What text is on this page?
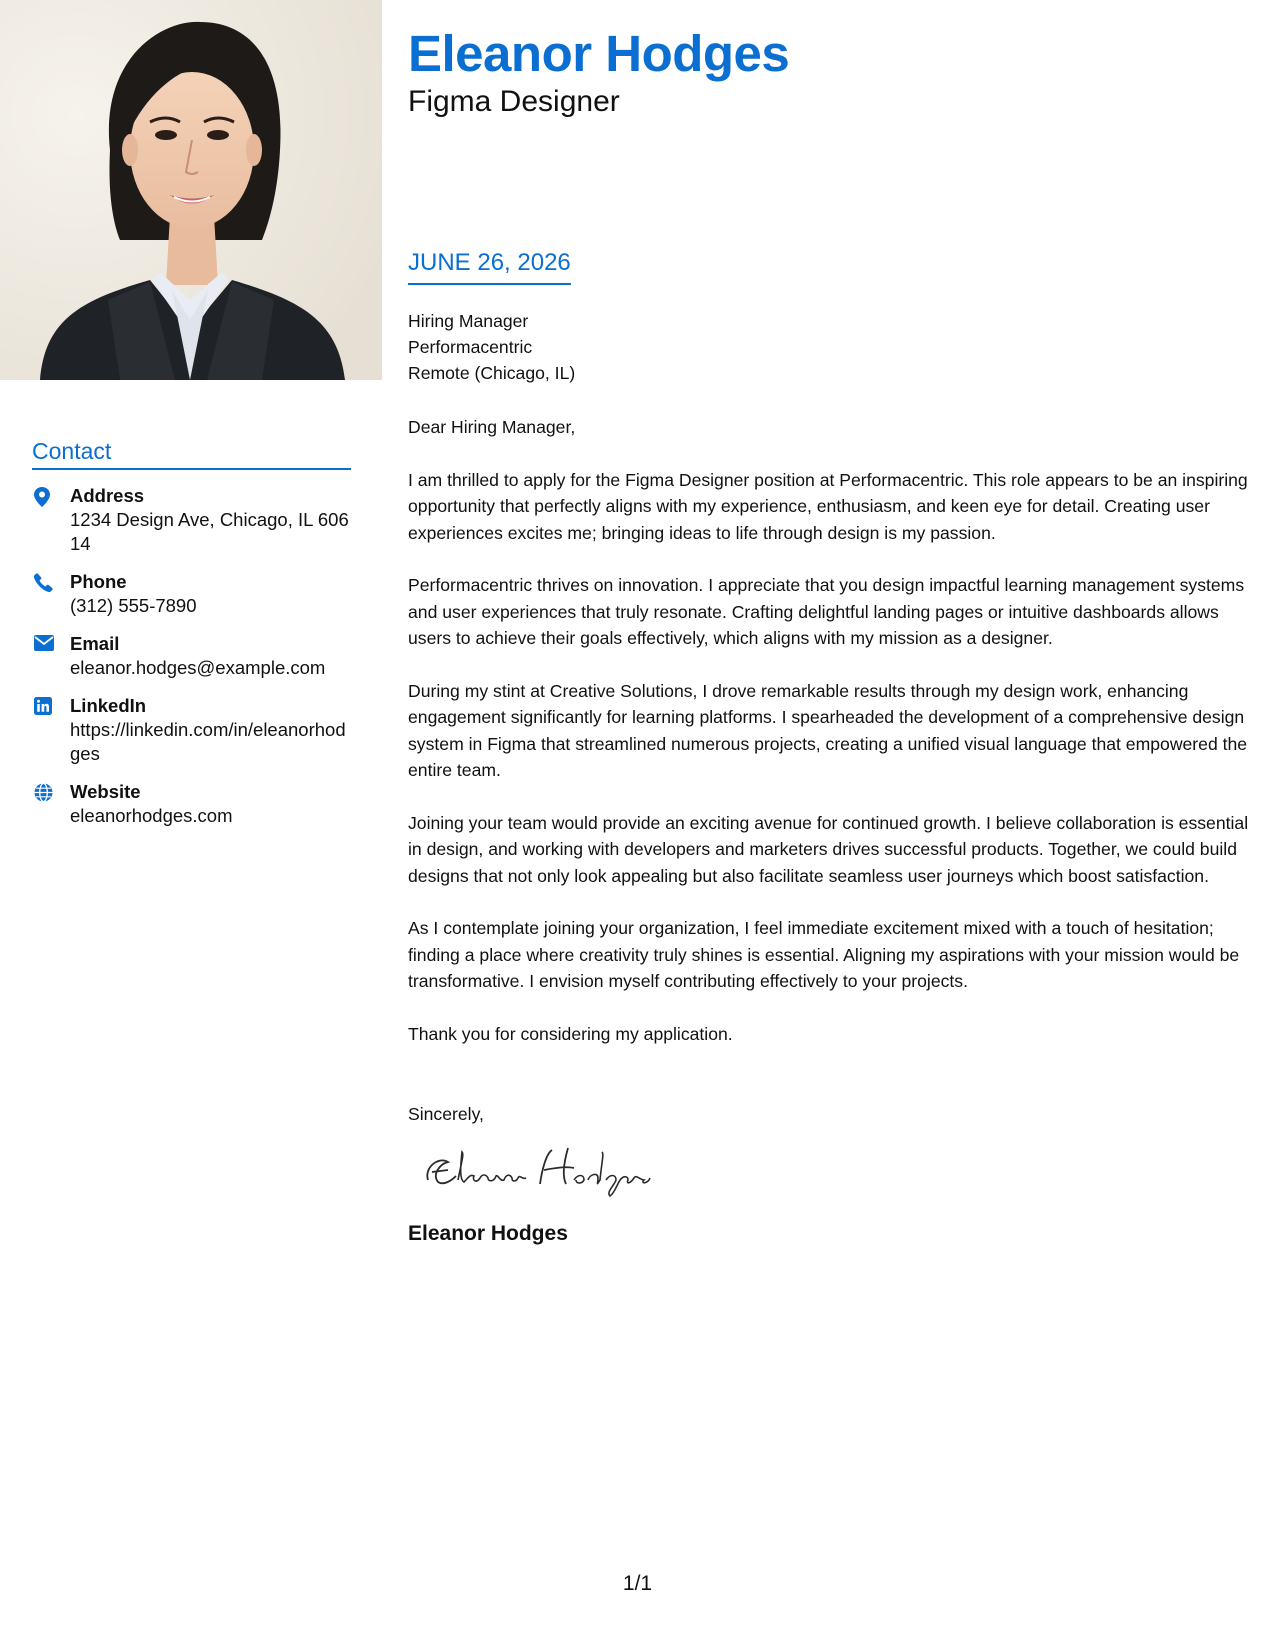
Contact
Address
1234 Design Ave, Chicago, IL 60614
Phone
(312) 555-7890
Email
eleanor.hodges@example.com
LinkedIn
https://linkedin.com/in/eleanorhodges
Website
eleanorhodges.com
Eleanor Hodges
Figma Designer
JUNE 26, 2026
Hiring Manager
Performacentric
Remote (Chicago, IL)

Dear Hiring Manager,

I am thrilled to apply for the Figma Designer position at Performacentric. This role appears to be an inspiring opportunity that perfectly aligns with my experience, enthusiasm, and keen eye for detail. Creating user experiences excites me; bringing ideas to life through design is my passion.

Performacentric thrives on innovation. I appreciate that you design impactful learning management systems and user experiences that truly resonate. Crafting delightful landing pages or intuitive dashboards allows users to achieve their goals effectively, which aligns with my mission as a designer.

During my stint at Creative Solutions, I drove remarkable results through my design work, enhancing engagement significantly for learning platforms. I spearheaded the development of a comprehensive design system in Figma that streamlined numerous projects, creating a unified visual language that empowered the entire team.

Joining your team would provide an exciting avenue for continued growth. I believe collaboration is essential in design, and working with developers and marketers drives successful products. Together, we could build designs that not only look appealing but also facilitate seamless user journeys which boost satisfaction.

As I contemplate joining your organization, I feel immediate excitement mixed with a touch of hesitation; finding a place where creativity truly shines is essential. Aligning my aspirations with your mission would be transformative. I envision myself contributing effectively to your projects.

Thank you for considering my application.

Sincerely,

Eleanor Hodges
1/1
